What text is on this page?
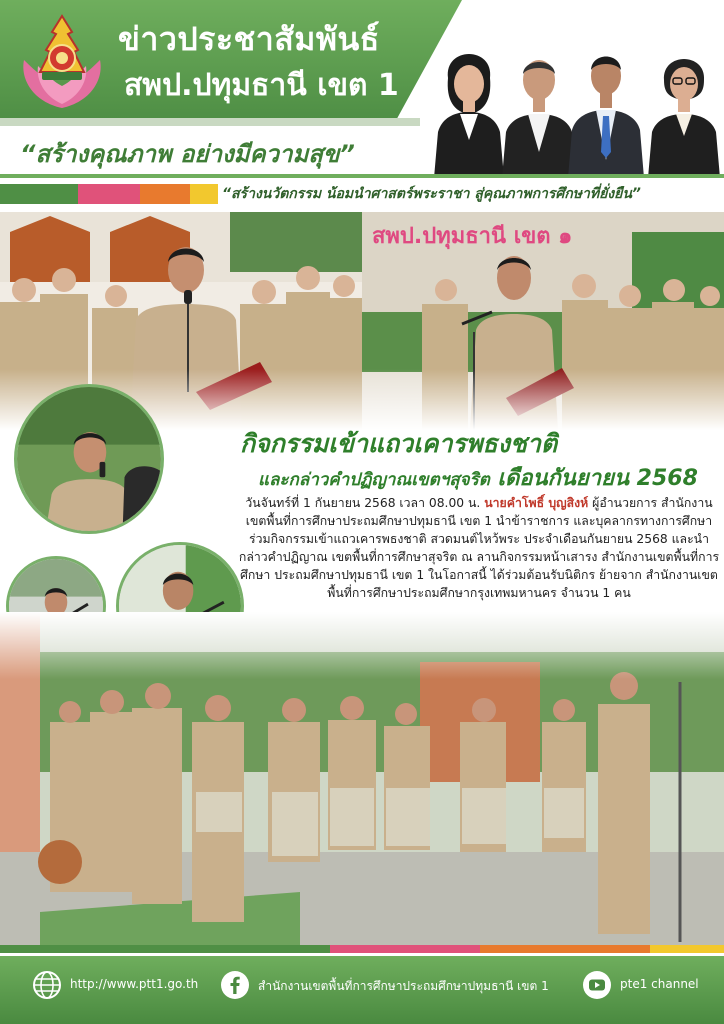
ข่าวประชาสัมพันธ์
สพป.ปทุมธานี เขต 1
“สร้างคุณภาพ อย่างมีความสุข”
“สร้างนวัตกรรม น้อมนำศาสตร์พระราชา สู่คุณภาพการศึกษาที่ยั่งยืน”
สพป.ปทุมธานี เขต ๑
กิจกรรมเข้าแถวเคารพธงชาติ
และกล่าวคำปฏิญาณเขตฯสุจริต เดือนกันยายน 2568
วันจันทร์ที่ 1 กันยายน 2568 เวลา 08.00 น. นายคำโพธิ์ บุญสิงห์ ผู้อำนวยการ สำนักงานเขตพื้นที่การศึกษาประถมศึกษาปทุมธานี เขต 1 นำข้าราชการ และบุคลากรทางการศึกษา ร่วมกิจกรรมเข้าแถวเคารพธงชาติ สวดมนต์ไหว้พระ ประจำเดือนกันยายน 2568 และนำกล่าวคำปฏิญาณ เขตพื้นที่การศึกษาสุจริต ณ ลานกิจกรรมหน้าเสารง สำนักงานเขตพื้นที่การศึกษา ประถมศึกษาปทุมธานี เขต 1 ในโอกาสนี้ ได้ร่วมต้อนรับนิติกร ย้ายจาก สำนักงานเขตพื้นที่การศึกษาประถมศึกษากรุงเทพมหานคร จำนวน 1 คน
http://www.ptt1.go.th	สำนักงานเขตพื้นที่การศึกษาประถมศึกษาปทุมธานี เขต 1	pte1 channel
